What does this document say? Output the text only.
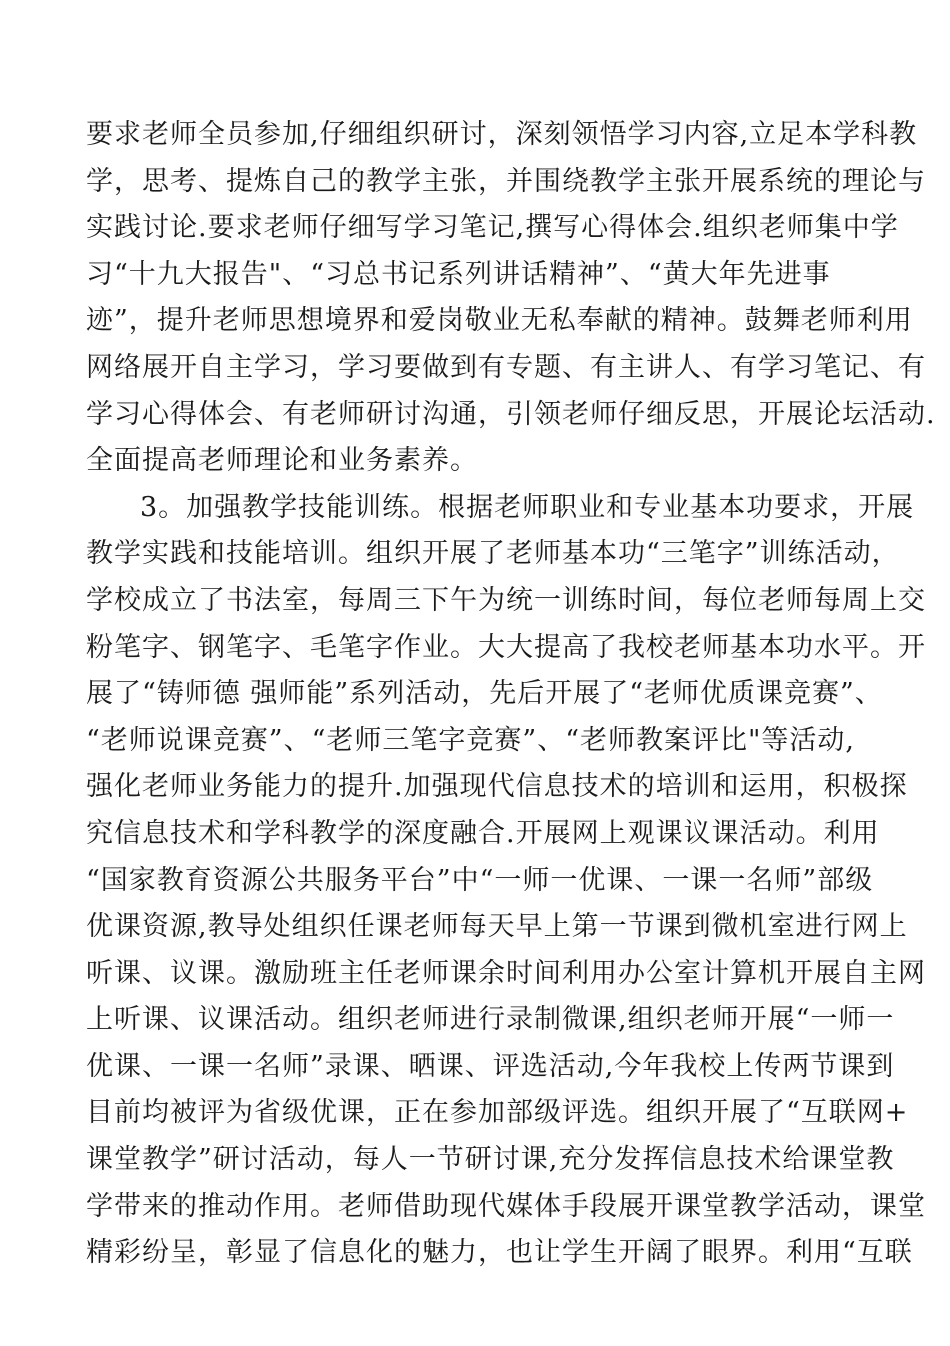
要求老师全员参加,仔细组织研讨，深刻领悟学习内容,立足本学科教
学，思考、提炼自己的教学主张，并围绕教学主张开展系统的理论与
实践讨论.要求老师仔细写学习笔记,撰写心得体会.组织老师集中学
习“十九大报告"、“习总书记系列讲话精神”、“黄大年先进事
迹”，提升老师思想境界和爱岗敬业无私奉献的精神。鼓舞老师利用
网络展开自主学习，学习要做到有专题、有主讲人、有学习笔记、有
学习心得体会、有老师研讨沟通，引领老师仔细反思，开展论坛活动.
全面提高老师理论和业务素养。
3。加强教学技能训练。根据老师职业和专业基本功要求，开展
教学实践和技能培训。组织开展了老师基本功“三笔字”训练活动，
学校成立了书法室，每周三下午为统一训练时间，每位老师每周上交
粉笔字、钢笔字、毛笔字作业。大大提高了我校老师基本功水平。开
展了“铸师德 强师能”系列活动，先后开展了“老师优质课竞赛”、
“老师说课竞赛”、“老师三笔字竞赛”、“老师教案评比"等活动,
强化老师业务能力的提升.加强现代信息技术的培训和运用，积极探
究信息技术和学科教学的深度融合.开展网上观课议课活动。利用
“国家教育资源公共服务平台”中“一师一优课、一课一名师”部级
优课资源,教导处组织任课老师每天早上第一节课到微机室进行网上
听课、议课。激励班主任老师课余时间利用办公室计算机开展自主网
上听课、议课活动。组织老师进行录制微课,组织老师开展“一师一
优课、一课一名师”录课、晒课、评选活动,今年我校上传两节课到
目前均被评为省级优课，正在参加部级评选。组织开展了“互联网+
课堂教学”研讨活动，每人一节研讨课,充分发挥信息技术给课堂教
学带来的推动作用。老师借助现代媒体手段展开课堂教学活动，课堂
精彩纷呈，彰显了信息化的魅力，也让学生开阔了眼界。利用“互联
